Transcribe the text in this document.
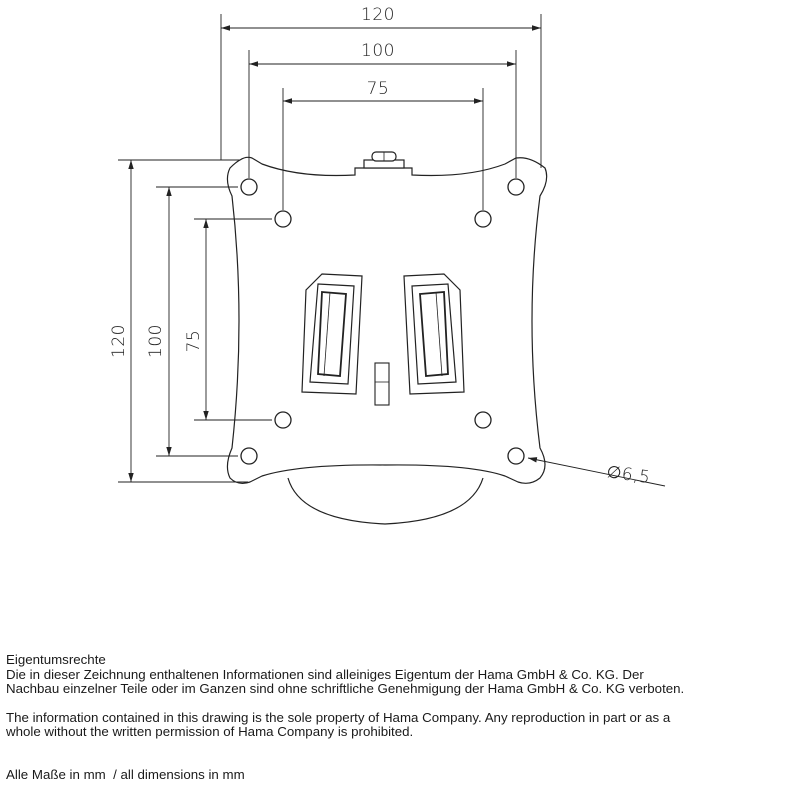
120
100
75
120 100 75
∅6,5

Eigentumsrechte

Die in dieser Zeichnung enthaltenen Informationen sind alleiniges Eigentum der Hama GmbH & Co. KG. Der

Nachbau einzelner Teile oder im Ganzen sind ohne schriftliche Genehmigung der Hama GmbH & Co. KG verboten.

The information contained in this drawing is the sole property of Hama Company. Any reproduction in part or as a

whole without the written permission of Hama Company is prohibited.

Alle Maße in mm  / all dimensions in mm
